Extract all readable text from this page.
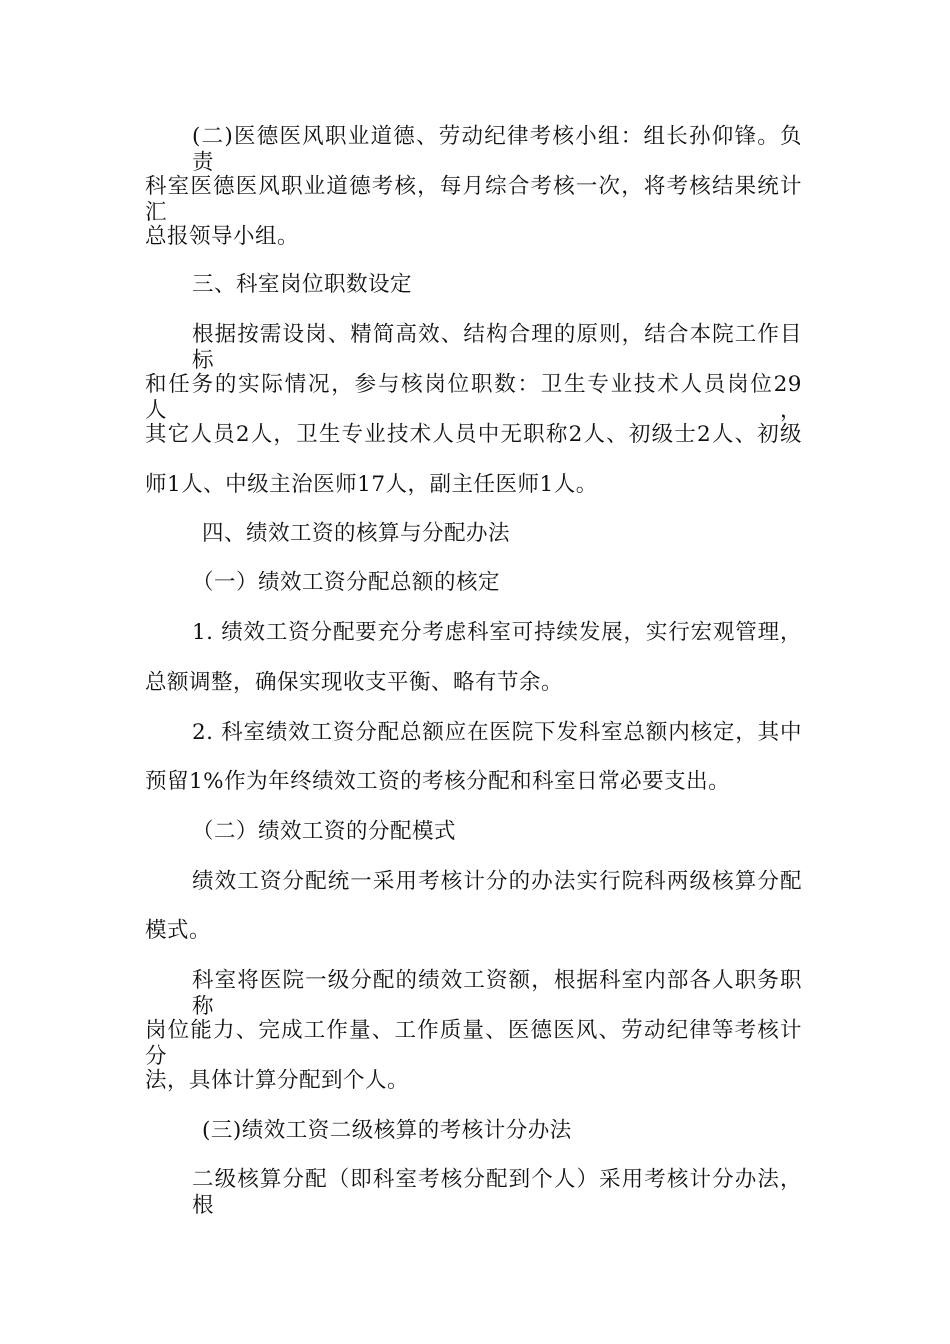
(二)医德医风职业道德、劳动纪律考核小组：组长孙仰锋。负责
科室医德医风职业道德考核，每月综合考核一次，将考核结果统计汇
总报领导小组。
三、科室岗位职数设定
根据按需设岗、精简高效、结构合理的原则，结合本院工作目标
和任务的实际情况，参与核岗位职数：卫生专业技术人员岗位29人，
其它人员2人，卫生专业技术人员中无职称2人、初级士2人、初级
师1人、中级主治医师17人，副主任医师1人。
四、绩效工资的核算与分配办法
（一）绩效工资分配总额的核定
1. 绩效工资分配要充分考虑科室可持续发展，实行宏观管理，
总额调整，确保实现收支平衡、略有节余。
2. 科室绩效工资分配总额应在医院下发科室总额内核定，其中
预留1%作为年终绩效工资的考核分配和科室日常必要支出。
（二）绩效工资的分配模式
绩效工资分配统一采用考核计分的办法实行院科两级核算分配
模式。
科室将医院一级分配的绩效工资额，根据科室内部各人职务职称
岗位能力、完成工作量、工作质量、医德医风、劳动纪律等考核计分
法，具体计算分配到个人。
(三)绩效工资二级核算的考核计分办法
二级核算分配（即科室考核分配到个人）采用考核计分办法，根
